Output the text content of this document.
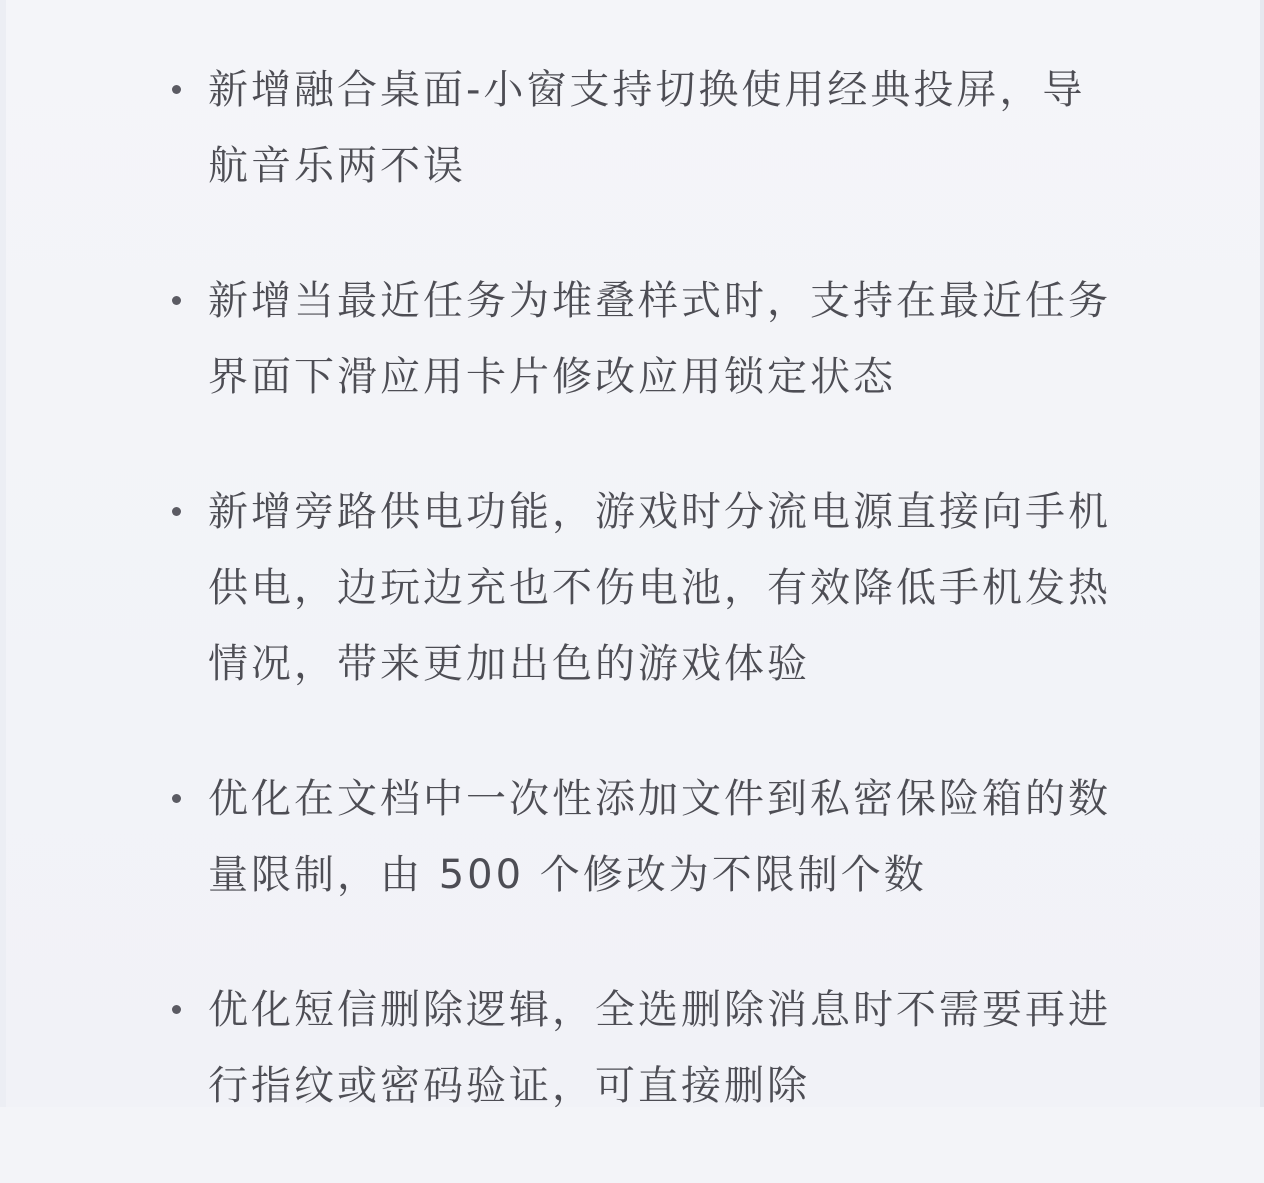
新增融合桌面-小窗支持切换使用经典投屏，导航音乐两不误
新增当最近任务为堆叠样式时，支持在最近任务界面下滑应用卡片修改应用锁定状态
新增旁路供电功能，游戏时分流电源直接向手机供电，边玩边充也不伤电池，有效降低手机发热情况，带来更加出色的游戏体验
优化在文档中一次性添加文件到私密保险箱的数量限制，由 500 个修改为不限制个数
优化短信删除逻辑，全选删除消息时不需要再进行指纹或密码验证，可直接删除
